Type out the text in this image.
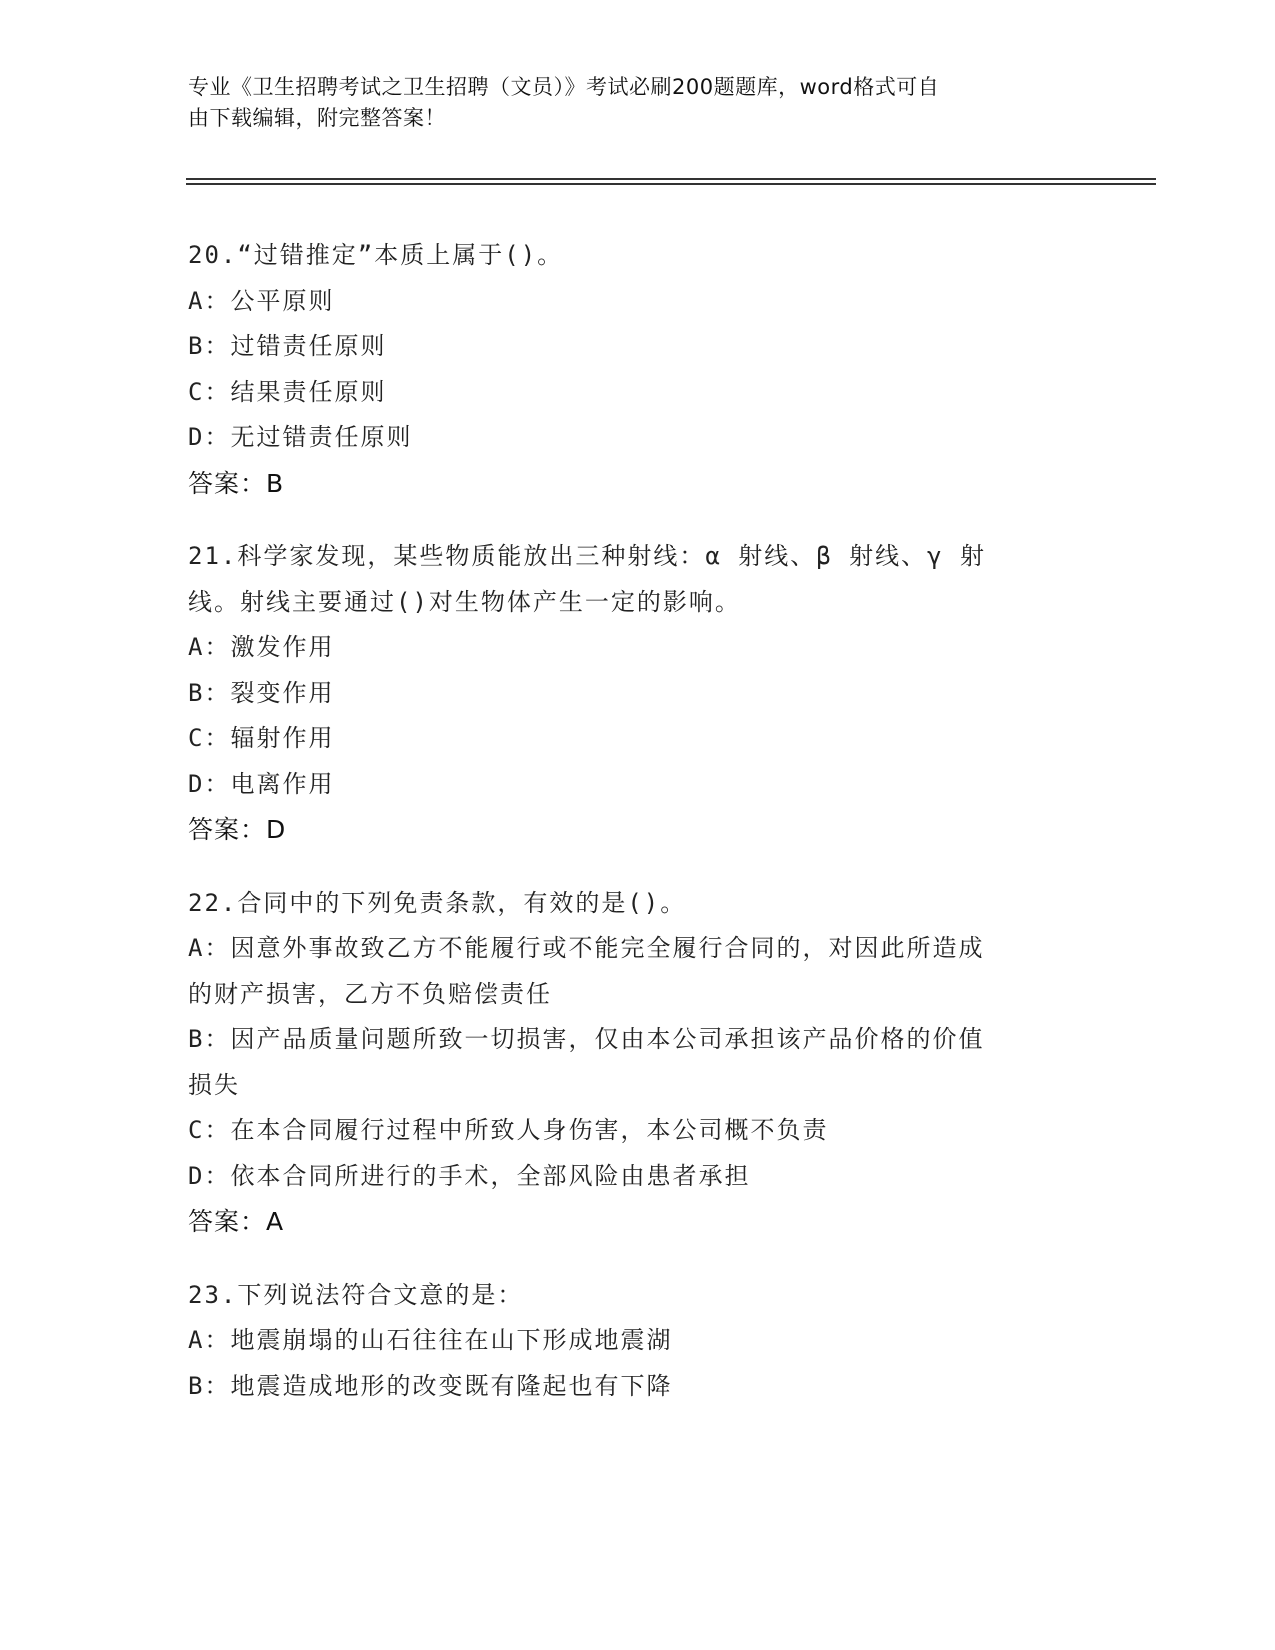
专业《卫生招聘考试之卫生招聘（文员）》考试必刷200题题库，word格式可自
由下载编辑，附完整答案！
20.“过错推定”本质上属于()。
A：公平原则
B：过错责任原则
C：结果责任原则
D：无过错责任原则
答案：B
21.科学家发现，某些物质能放出三种射线：α 射线、β 射线、γ 射
线。射线主要通过()对生物体产生一定的影响。
A：激发作用
B：裂变作用
C：辐射作用
D：电离作用
答案：D
22.合同中的下列免责条款，有效的是()。
A：因意外事故致乙方不能履行或不能完全履行合同的，对因此所造成
的财产损害，乙方不负赔偿责任
B：因产品质量问题所致一切损害，仅由本公司承担该产品价格的价值
损失
C：在本合同履行过程中所致人身伤害，本公司概不负责
D：依本合同所进行的手术，全部风险由患者承担
答案：A
23.下列说法符合文意的是：
A：地震崩塌的山石往往在山下形成地震湖
B：地震造成地形的改变既有隆起也有下降
